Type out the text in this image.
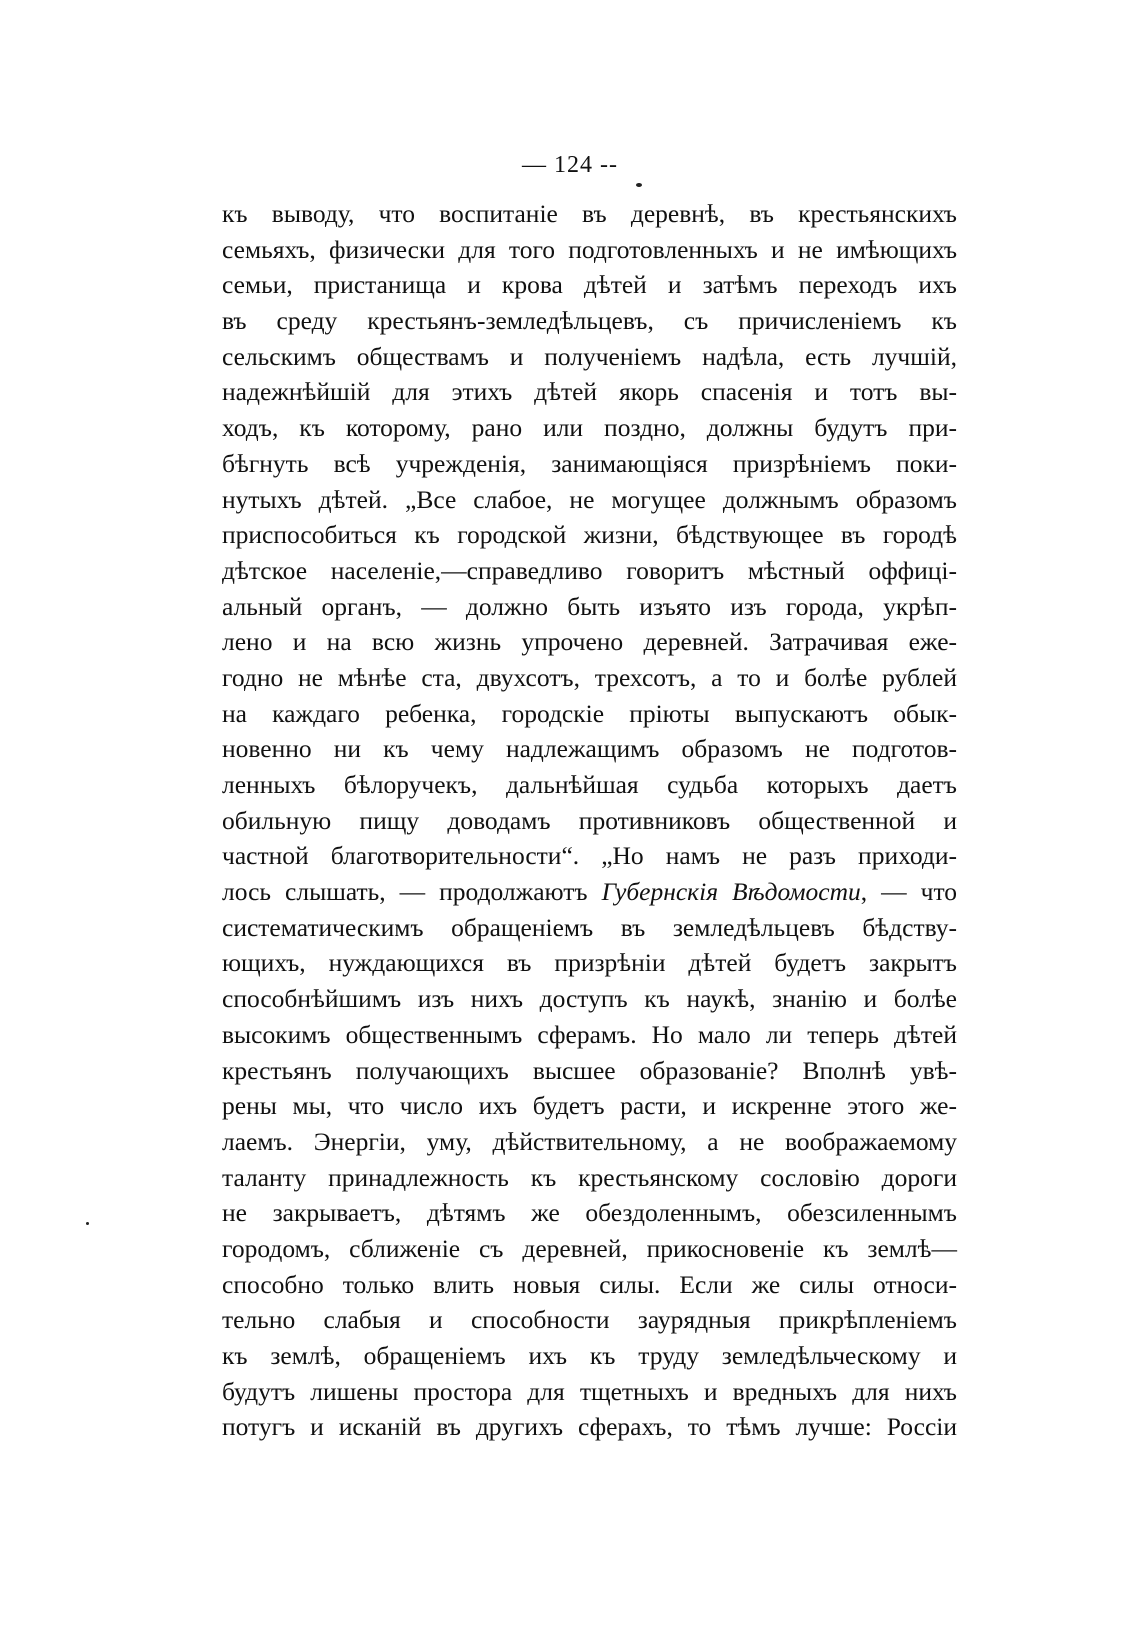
— 124 --
къ выводу, что воспитаніе въ деревнѣ, въ крестьянскихъ
семьяхъ, физически для того подготовленныхъ и не имѣющихъ
семьи, пристанища и крова дѣтей и затѣмъ переходъ ихъ
въ среду крестьянъ-земледѣльцевъ, съ причисленіемъ къ
сельскимъ обществамъ и полученіемъ надѣла, есть лучшій,
надежнѣйшій для этихъ дѣтей якорь спасенія и тотъ вы-
ходъ, къ которому, рано или поздно, должны будутъ при-
бѣгнуть всѣ учрежденія, занимающіяся призрѣніемъ поки-
нутыхъ дѣтей. „Все слабое, не могущее должнымъ образомъ
приспособиться къ городской жизни, бѣдствующее въ городѣ
дѣтское населеніе,—справедливо говоритъ мѣстный оффиці-
альный органъ, — должно быть изъято изъ города, укрѣп-
лено и на всю жизнь упрочено деревней. Затрачивая еже-
годно не мѣнѣе ста, двухсотъ, трехсотъ, а то и болѣе рублей
на каждаго ребенка, городскіе пріюты выпускаютъ обык-
новенно ни къ чему надлежащимъ образомъ не подготов-
ленныхъ бѣлоручекъ, дальнѣйшая судьба которыхъ даетъ
обильную пищу доводамъ противниковъ общественной и
частной благотворительности“. „Но намъ не разъ приходи-
лось слышать, — продолжаютъ Губернскія Вѣдомости, — что
систематическимъ обращеніемъ въ земледѣльцевъ бѣдству-
ющихъ, нуждающихся въ призрѣніи дѣтей будетъ закрытъ
способнѣйшимъ изъ нихъ доступъ къ наукѣ, знанію и болѣе
высокимъ общественнымъ сферамъ. Но мало ли теперь дѣтей
крестьянъ получающихъ высшее образованіе? Вполнѣ увѣ-
рены мы, что число ихъ будетъ расти, и искренне этого же-
лаемъ. Энергіи, уму, дѣйствительному, а не воображаемому
таланту принадлежность къ крестьянскому сословію дороги
не закрываетъ, дѣтямъ же обездоленнымъ, обезсиленнымъ
городомъ, сближеніе съ деревней, прикосновеніе къ землѣ—
способно только влить новыя силы. Если же силы относи-
тельно слабыя и способности заурядныя прикрѣпленіемъ
къ землѣ, обращеніемъ ихъ къ труду земледѣльческому и
будутъ лишены простора для тщетныхъ и вредныхъ для нихъ
потугъ и исканій въ другихъ сферахъ, то тѣмъ лучше: Россіи
